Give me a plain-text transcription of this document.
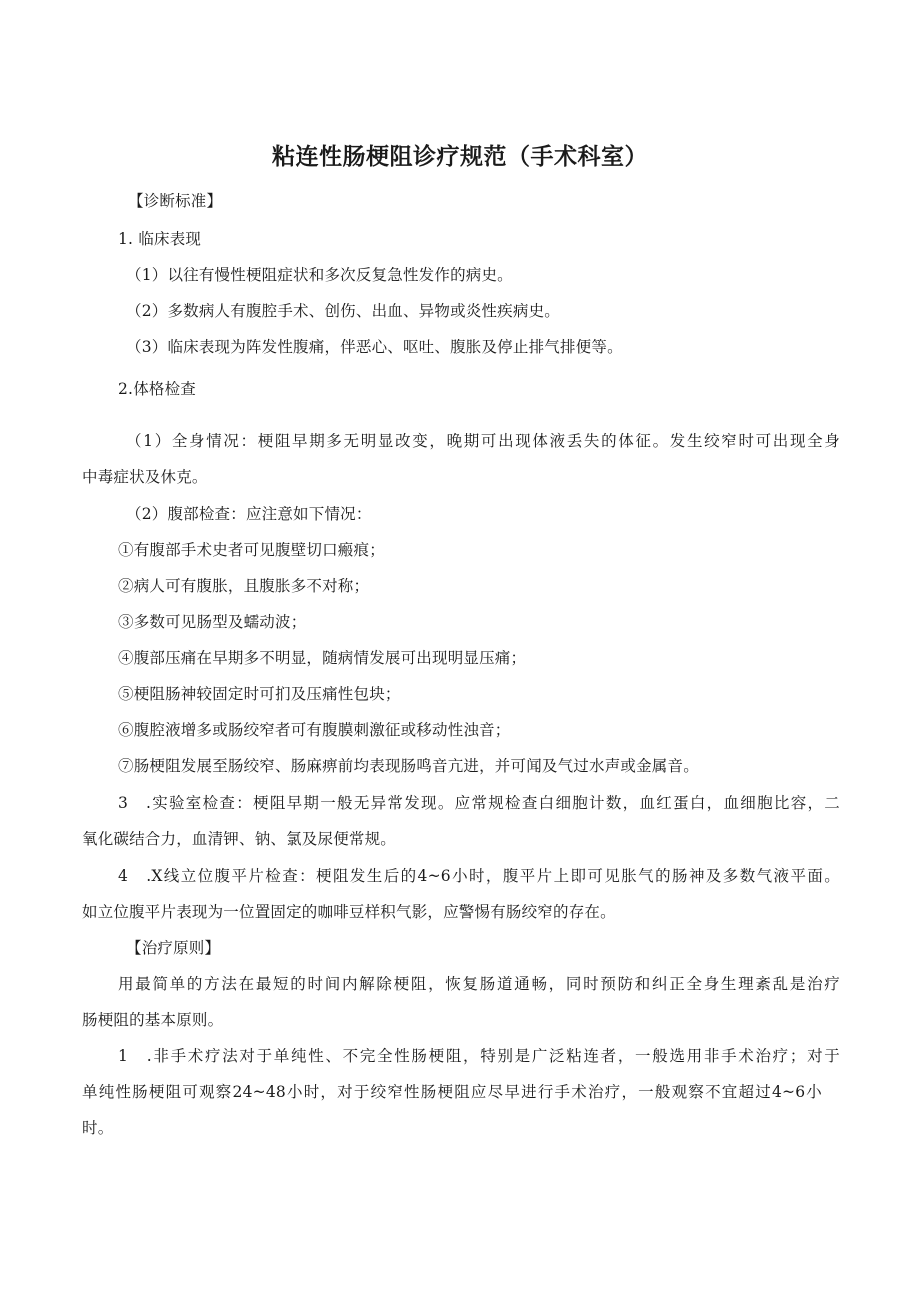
粘连性肠梗阻诊疗规范（手术科室）

【诊断标准】

1. 临床表现

（1）以往有慢性梗阻症状和多次反复急性发作的病史。

（2）多数病人有腹腔手术、创伤、出血、异物或炎性疾病史。

（3）临床表现为阵发性腹痛，伴恶心、呕吐、腹胀及停止排气排便等。

2.体格检查

（1）全身情况：梗阻早期多无明显改变，晚期可出现体液丢失的体征。发生绞窄时可出现全身

中毒症状及休克。

（2）腹部检查：应注意如下情况：

①有腹部手术史者可见腹壁切口瘢痕；

②病人可有腹胀，且腹胀多不对称；

③多数可见肠型及蠕动波；

④腹部压痛在早期多不明显，随病情发展可出现明显压痛；

⑤梗阻肠神较固定时可扪及压痛性包块；

⑥腹腔液增多或肠绞窄者可有腹膜刺激征或移动性浊音；

⑦肠梗阻发展至肠绞窄、肠麻痹前均表现肠鸣音亢进，并可闻及气过水声或金属音。

3　.实验室检查：梗阻早期一般无异常发现。应常规检查白细胞计数，血红蛋白，血细胞比容，二

氧化碳结合力，血清钾、钠、氯及尿便常规。

4　.X线立位腹平片检查：梗阻发生后的4~6小时，腹平片上即可见胀气的肠神及多数气液平面。

如立位腹平片表现为一位置固定的咖啡豆样积气影，应警惕有肠绞窄的存在。

【治疗原则】

用最简单的方法在最短的时间内解除梗阻，恢复肠道通畅，同时预防和纠正全身生理紊乱是治疗

肠梗阻的基本原则。

1　.非手术疗法对于单纯性、不完全性肠梗阻，特别是广泛粘连者，一般选用非手术治疗；对于

单纯性肠梗阻可观察24~48小时，对于绞窄性肠梗阻应尽早进行手术治疗，一般观察不宜超过4~6小

时。
